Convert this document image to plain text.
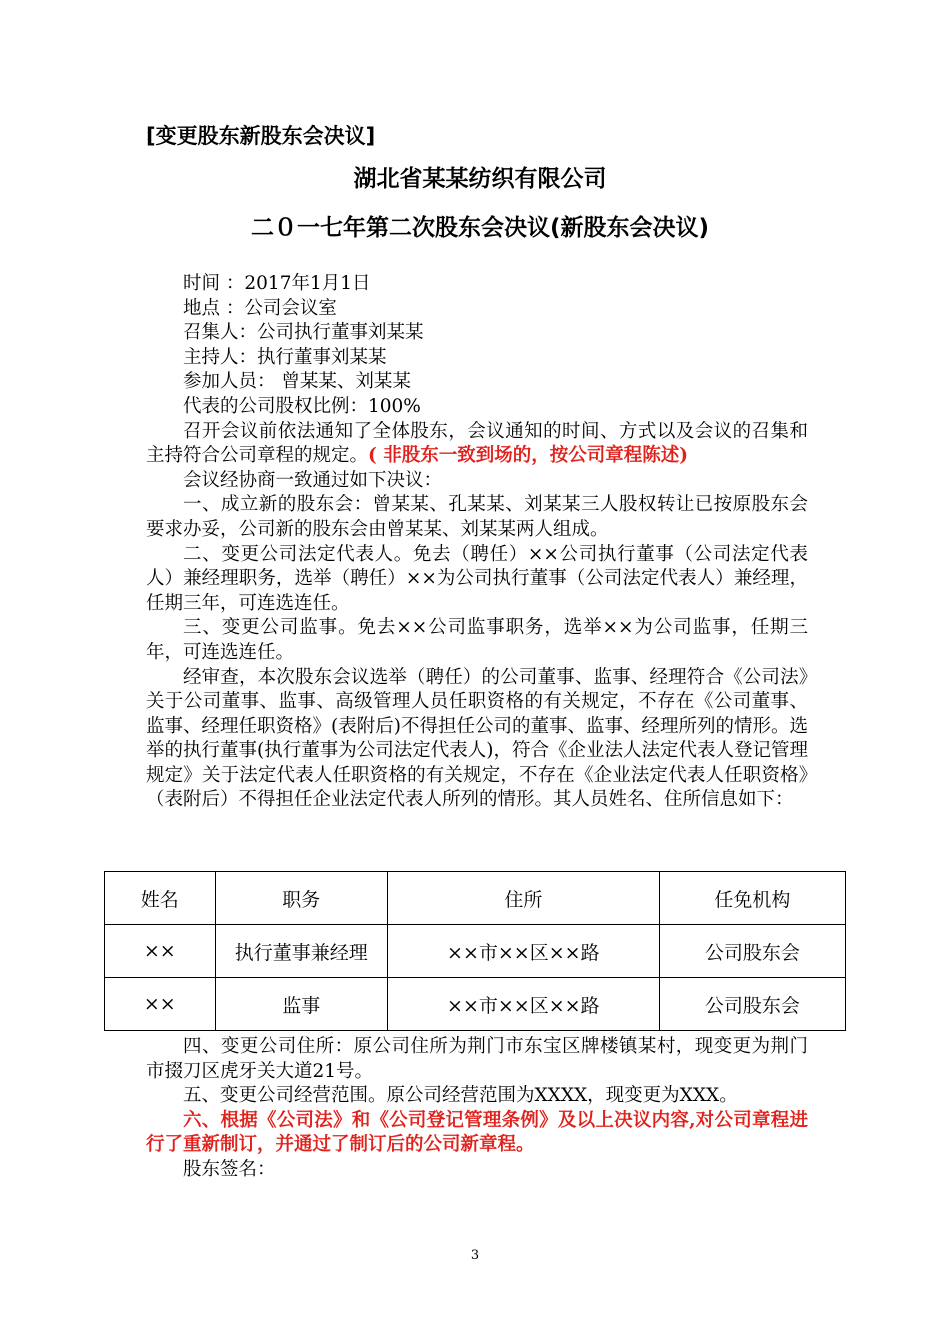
[变更股东新股东会决议]
湖北省某某纺织有限公司
二０一七年第二次股东会决议(新股东会决议)

时间 ：2017年1月1日

地点 ：公司会议室

召集人：公司执行董事刘某某

主持人：执行董事刘某某

参加人员： 曾某某、刘某某

代表的公司股权比例：100%

召开会议前依法通知了全体股东，会议通知的时间、方式以及会议的召集和主持符合公司章程的规定。( 非股东一致到场的，按公司章程陈述)

会议经协商一致通过如下决议：

一、成立新的股东会：曾某某、孔某某、刘某某三人股权转让已按原股东会要求办妥，公司新的股东会由曾某某、刘某某两人组成。

二、变更公司法定代表人。免去（聘任）××公司执行董事（公司法定代表人）兼经理职务，选举（聘任）××为公司执行董事（公司法定代表人）兼经理，任期三年，可连选连任。

三、变更公司监事。免去××公司监事职务，选举××为公司监事，任期三年，可连选连任。

经审查，本次股东会议选举（聘任）的公司董事、监事、经理符合《公司法》关于公司董事、监事、高级管理人员任职资格的有关规定，不存在《公司董事、监事、经理任职资格》(表附后)不得担任公司的董事、监事、经理所列的情形。选举的执行董事(执行董事为公司法定代表人)，符合《企业法人法定代表人登记管理规定》关于法定代表人任职资格的有关规定，不存在《企业法定代表人任职资格》（表附后）不得担任企业法定代表人所列的情形。其人员姓名、住所信息如下：

姓名	职务	住所	任免机构
××	执行董事兼经理	××市××区××路	公司股东会
××	监事	××市××区××路	公司股东会

四、变更公司住所：原公司住所为荆门市东宝区牌楼镇某村，现变更为荆门市掇刀区虎牙关大道21号。

五、变更公司经营范围。原公司经营范围为XXXX，现变更为XXX。

六、根据《公司法》和《公司登记管理条例》及以上决议内容,对公司章程进行了重新制订，并通过了制订后的公司新章程。

股东签名：

3
